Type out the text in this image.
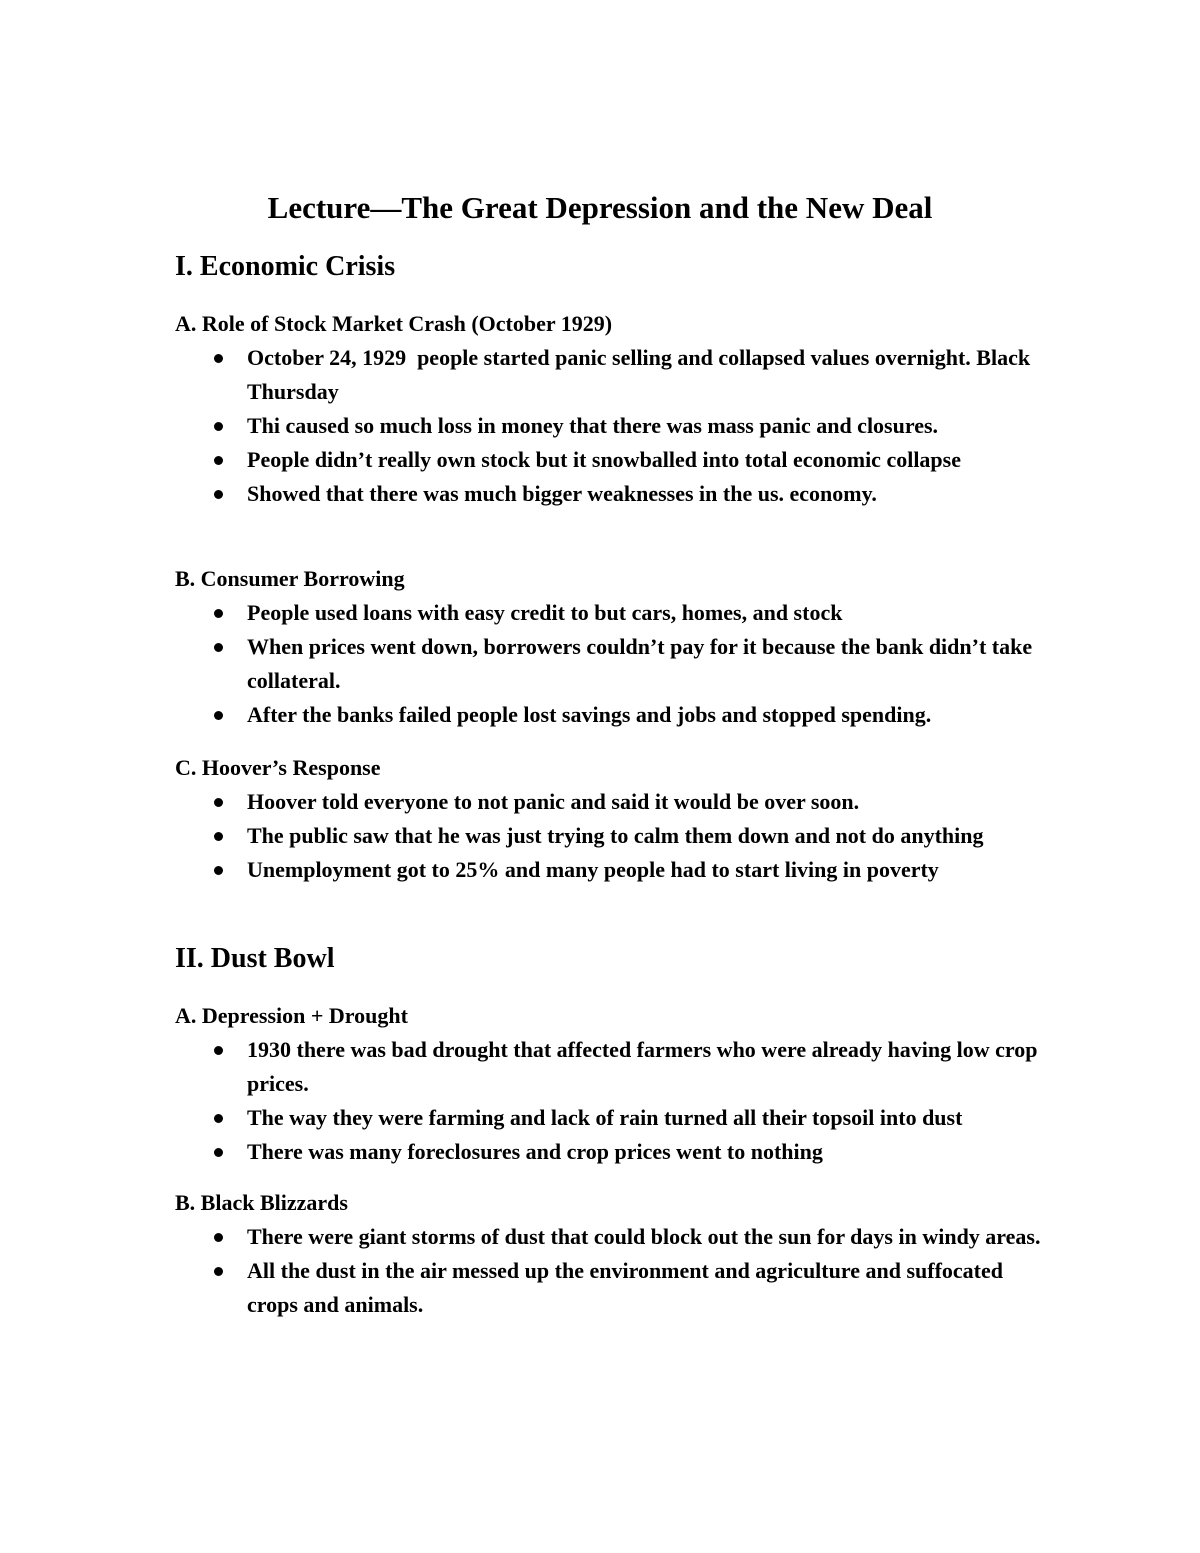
Lecture—The Great Depression and the New Deal
I. Economic Crisis
A. Role of Stock Market Crash (October 1929)
October 24, 1929  people started panic selling and collapsed values overnight. Black Thursday
Thi caused so much loss in money that there was mass panic and closures.
People didn’t really own stock but it snowballed into total economic collapse
Showed that there was much bigger weaknesses in the us. economy.
B. Consumer Borrowing
People used loans with easy credit to but cars, homes, and stock
When prices went down, borrowers couldn’t pay for it because the bank didn’t take collateral.
After the banks failed people lost savings and jobs and stopped spending.
C. Hoover’s Response
Hoover told everyone to not panic and said it would be over soon.
The public saw that he was just trying to calm them down and not do anything
Unemployment got to 25% and many people had to start living in poverty
II. Dust Bowl
A. Depression + Drought
1930 there was bad drought that affected farmers who were already having low crop prices.
The way they were farming and lack of rain turned all their topsoil into dust
There was many foreclosures and crop prices went to nothing
B. Black Blizzards
There were giant storms of dust that could block out the sun for days in windy areas.
All the dust in the air messed up the environment and agriculture and suffocated crops and animals.
